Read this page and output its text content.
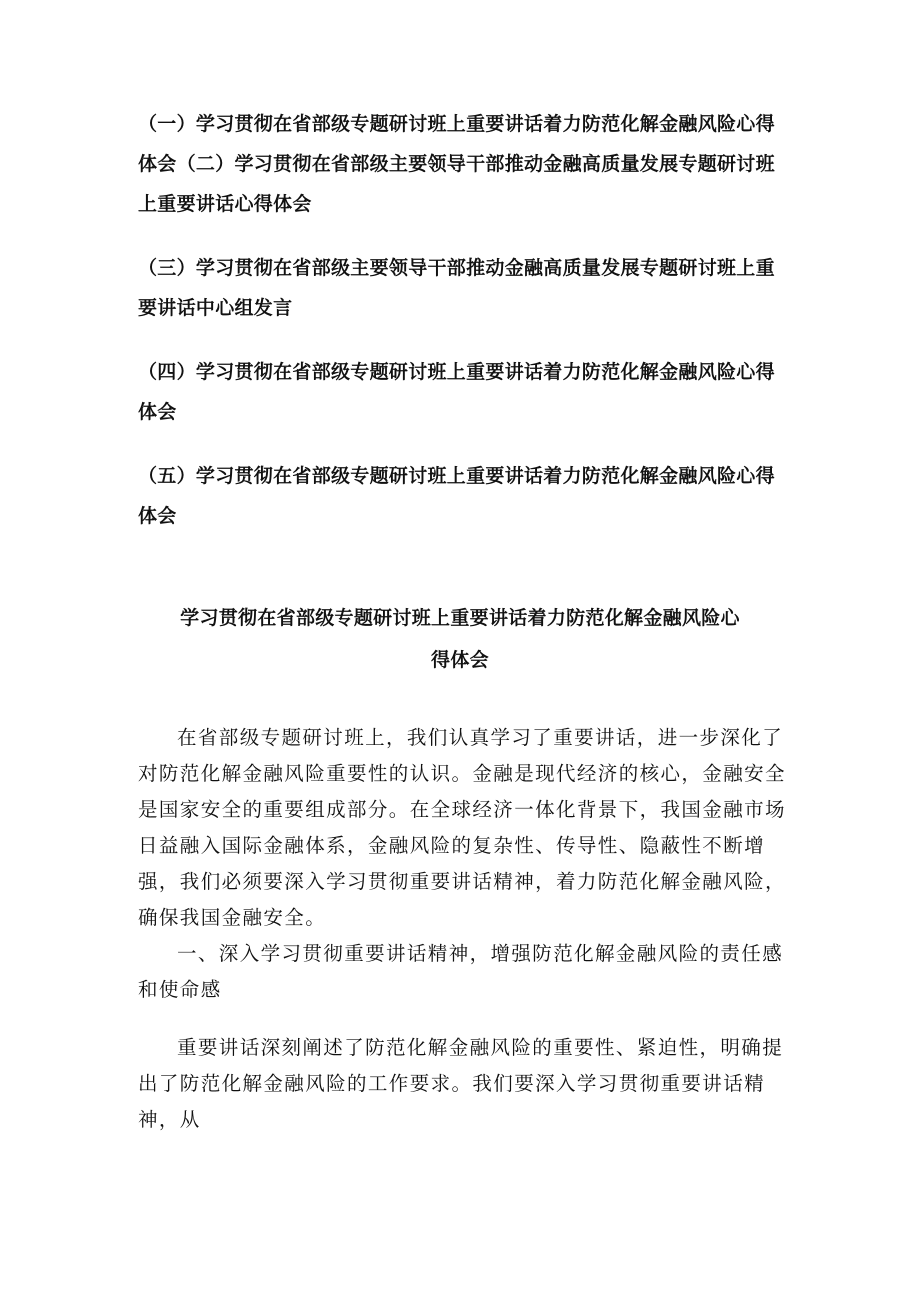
（一）学习贯彻在省部级专题研讨班上重要讲话着力防范化解金融风险心得体会（二）学习贯彻在省部级主要领导干部推动金融高质量发展专题研讨班上重要讲话心得体会

（三）学习贯彻在省部级主要领导干部推动金融高质量发展专题研讨班上重要讲话中心组发言

（四）学习贯彻在省部级专题研讨班上重要讲话着力防范化解金融风险心得体会

（五）学习贯彻在省部级专题研讨班上重要讲话着力防范化解金融风险心得体会

学习贯彻在省部级专题研讨班上重要讲话着力防范化解金融风险心
得体会

在省部级专题研讨班上，我们认真学习了重要讲话，进一步深化了对防范化解金融风险重要性的认识。金融是现代经济的核心，金融安全是国家安全的重要组成部分。在全球经济一体化背景下，我国金融市场日益融入国际金融体系，金融风险的复杂性、传导性、隐蔽性不断增强，我们必须要深入学习贯彻重要讲话精神，着力防范化解金融风险，确保我国金融安全。

一、深入学习贯彻重要讲话精神，增强防范化解金融风险的责任感和使命感

重要讲话深刻阐述了防范化解金融风险的重要性、紧迫性，明确提出了防范化解金融风险的工作要求。我们要深入学习贯彻重要讲话精神，从
